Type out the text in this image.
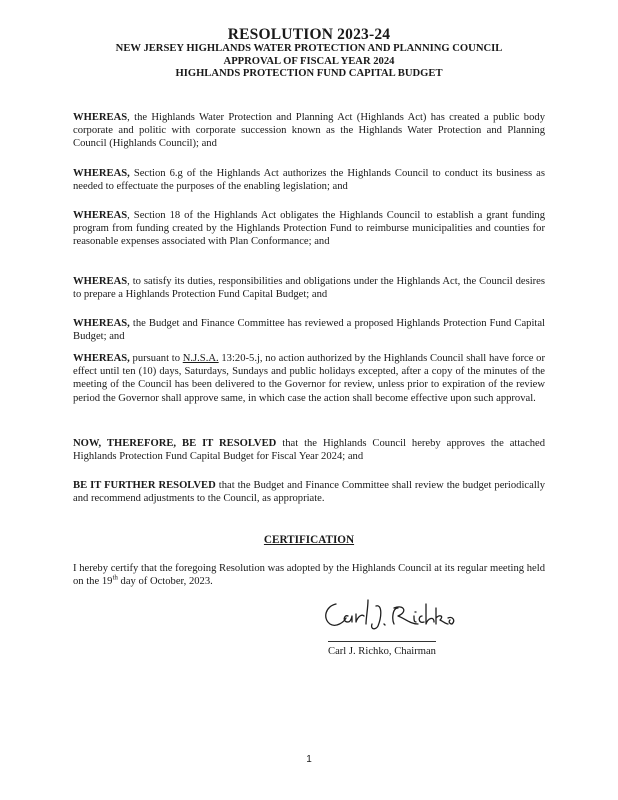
RESOLUTION 2023-24
NEW JERSEY HIGHLANDS WATER PROTECTION AND PLANNING COUNCIL
APPROVAL OF FISCAL YEAR 2024
HIGHLANDS PROTECTION FUND CAPITAL BUDGET

WHEREAS, the Highlands Water Protection and Planning Act (Highlands Act) has created a public body corporate and politic with corporate succession known as the Highlands Water Protection and Planning Council (Highlands Council); and

WHEREAS, Section 6.g of the Highlands Act authorizes the Highlands Council to conduct its business as needed to effectuate the purposes of the enabling legislation; and

WHEREAS, Section 18 of the Highlands Act obligates the Highlands Council to establish a grant funding program from funding created by the Highlands Protection Fund to reimburse municipalities and counties for reasonable expenses associated with Plan Conformance; and

WHEREAS, to satisfy its duties, responsibilities and obligations under the Highlands Act, the Council desires to prepare a Highlands Protection Fund Capital Budget; and

WHEREAS, the Budget and Finance Committee has reviewed a proposed Highlands Protection Fund Capital Budget; and

WHEREAS, pursuant to N.J.S.A. 13:20-5.j, no action authorized by the Highlands Council shall have force or effect until ten (10) days, Saturdays, Sundays and public holidays excepted, after a copy of the minutes of the meeting of the Council has been delivered to the Governor for review, unless prior to expiration of the review period the Governor shall approve same, in which case the action shall become effective upon such approval.

NOW, THEREFORE, BE IT RESOLVED that the Highlands Council hereby approves the attached Highlands Protection Fund Capital Budget for Fiscal Year 2024; and

BE IT FURTHER RESOLVED that the Budget and Finance Committee shall review the budget periodically and recommend adjustments to the Council, as appropriate.

CERTIFICATION

I hereby certify that the foregoing Resolution was adopted by the Highlands Council at its regular meeting held on the 19th day of October, 2023.

Carl J. Richko, Chairman
1
